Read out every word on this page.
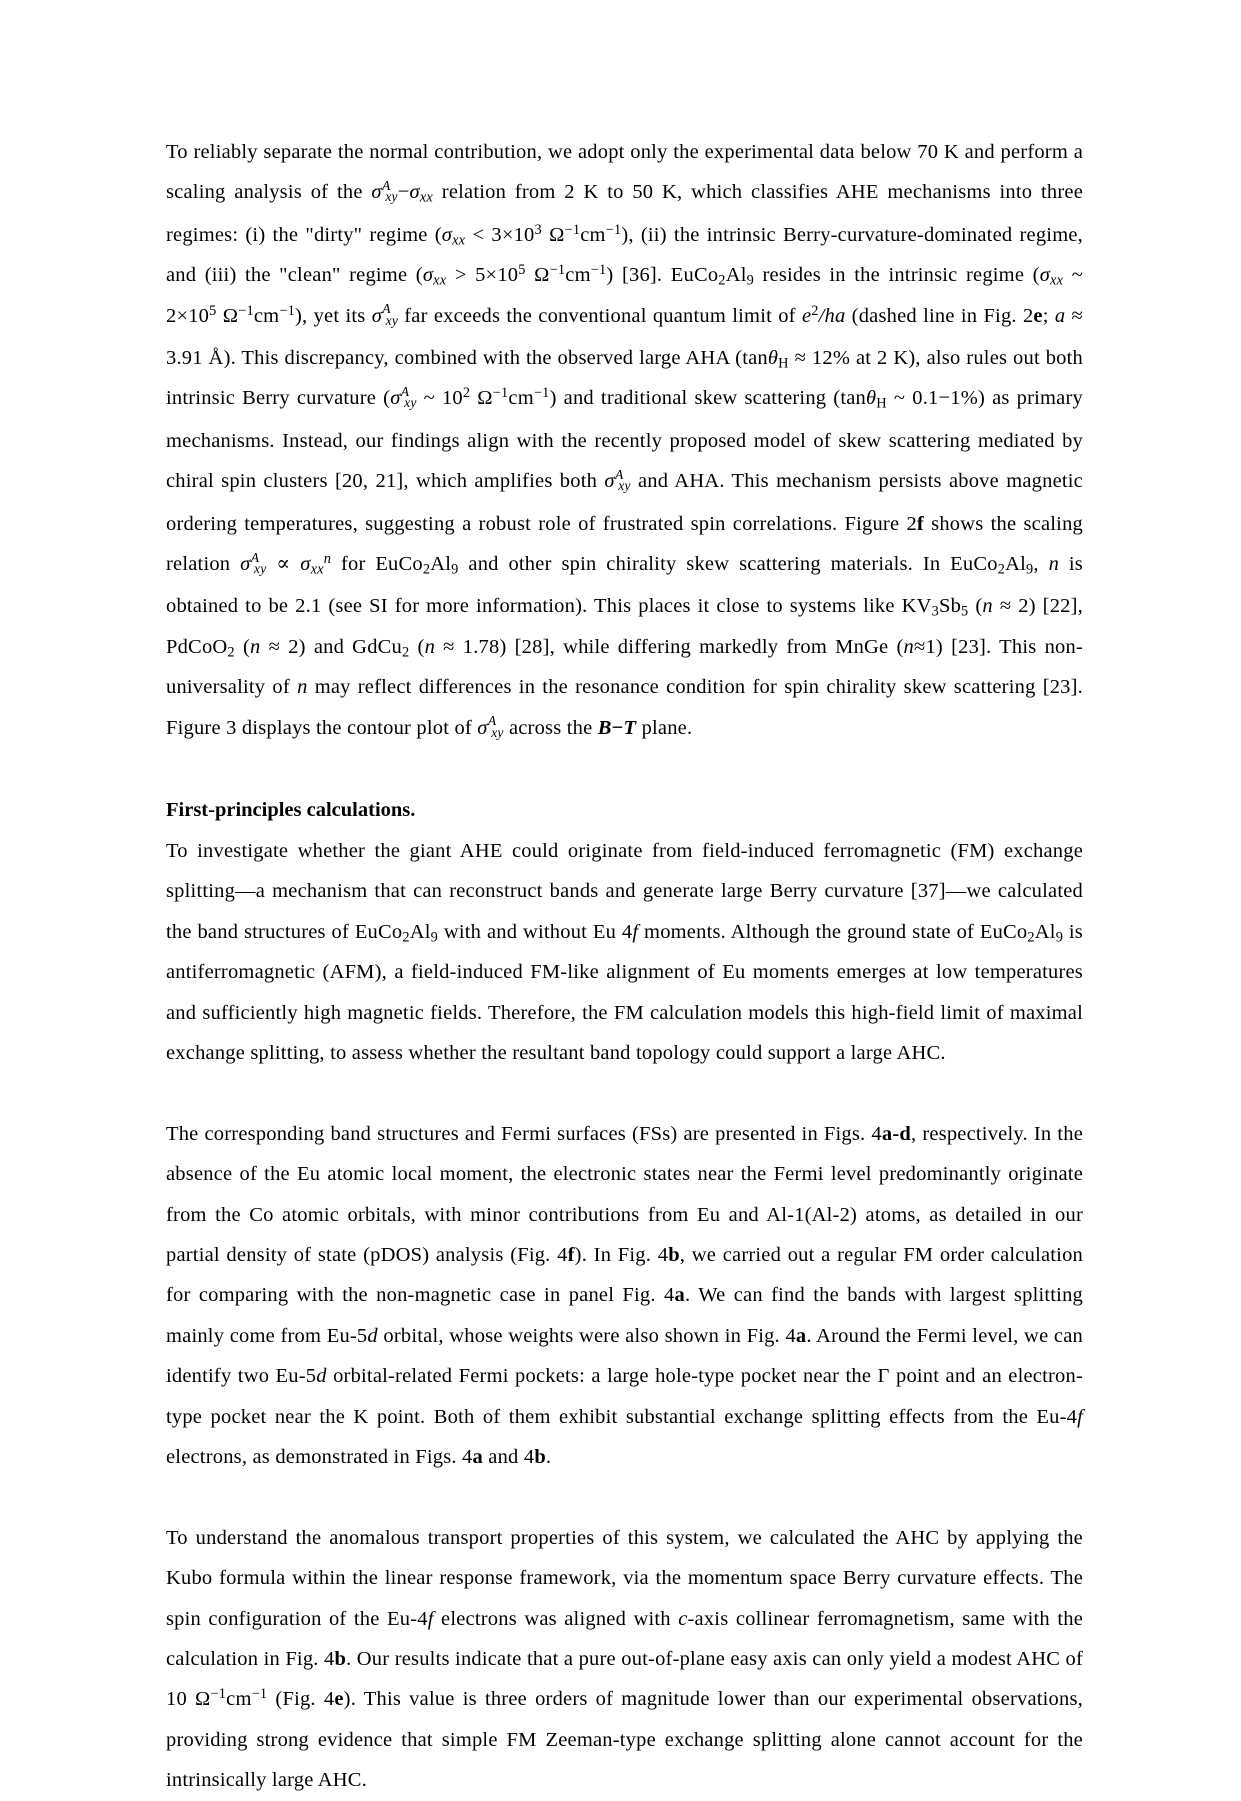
To reliably separate the normal contribution, we adopt only the experimental data below 70 K and perform a scaling analysis of the $\sigma^Axy-\sigma_{xx}$ relation from 2 K to 50 K, which classifies AHE mechanisms into three regimes: (i) the "dirty" regime ($\sigma_{xx} < 3\times 10^3$ $\Omega^{-1}cm^{-1}$), (ii) the intrinsic Berry-curvature-dominated regime, and (iii) the "clean" regime ($\sigma_{xx} > 5\times 10^5$ $\Omega^{-1}cm^{-1}$) [36]. $EuCo_2Al_9$ resides in the intrinsic regime ($\sigma_{xx}$ ~ $2\times 10^5$ $\Omega^{-1}cm^{-1}$), yet its $\sigma^Axy$ far exceeds the conventional quantum limit of $e^2/ha$ (dashed line in Fig. 2e; a ≈ 3.91 Å). This discrepancy, combined with the observed large AHA (tanθ$_H$ ≈ 12% at 2 K), also rules out both intrinsic Berry curvature ($\sigma^Axy$ ~ $10^2$ $\Omega^{-1}cm^{-1}$) and traditional skew scattering (tanθ$_H$ ~ 0.1−1%) as primary mechanisms. Instead, our findings align with the recently proposed model of skew scattering mediated by chiral spin clusters [20, 21], which amplifies both $\sigma^Axy$ and AHA. This mechanism persists above magnetic ordering temperatures, suggesting a robust role of frustrated spin correlations. Figure 2f shows the scaling relation $\sigma^Axy \propto \sigma_{xx}^n$ for $EuCo_2Al_9$ and other spin chirality skew scattering materials. In $EuCo_2Al_9$, n is obtained to be 2.1 (see SI for more information). This places it close to systems like $KV_3Sb_5$ (n ≈ 2) [22], PdCoO$_2$ (n ≈ 2) and GdCu$_2$ (n ≈ 1.78) [28], while differing markedly from MnGe (n≈1) [23]. This non-universality of n may reflect differences in the resonance condition for spin chirality skew scattering [23]. Figure 3 displays the contour plot of $\sigma^Axy$ across the B−T plane.

First-principles calculations.

To investigate whether the giant AHE could originate from field-induced ferromagnetic (FM) exchange splitting—a mechanism that can reconstruct bands and generate large Berry curvature [37]—we calculated the band structures of $EuCo_2Al_9$ with and without Eu 4f moments. Although the ground state of $EuCo_2Al_9$ is antiferromagnetic (AFM), a field-induced FM-like alignment of Eu moments emerges at low temperatures and sufficiently high magnetic fields. Therefore, the FM calculation models this high-field limit of maximal exchange splitting, to assess whether the resultant band topology could support a large AHC.

The corresponding band structures and Fermi surfaces (FSs) are presented in Figs. 4a-d, respectively. In the absence of the Eu atomic local moment, the electronic states near the Fermi level predominantly originate from the Co atomic orbitals, with minor contributions from Eu and Al-1(Al-2) atoms, as detailed in our partial density of state (pDOS) analysis (Fig. 4f). In Fig. 4b, we carried out a regular FM order calculation for comparing with the non-magnetic case in panel Fig. 4a. We can find the bands with largest splitting mainly come from Eu-5d orbital, whose weights were also shown in Fig. 4a. Around the Fermi level, we can identify two Eu-5d orbital-related Fermi pockets: a large hole-type pocket near the Γ point and an electron-type pocket near the K point. Both of them exhibit substantial exchange splitting effects from the Eu-4f electrons, as demonstrated in Figs. 4a and 4b.

To understand the anomalous transport properties of this system, we calculated the AHC by applying the Kubo formula within the linear response framework, via the momentum space Berry curvature effects. The spin configuration of the Eu-4f electrons was aligned with c-axis collinear ferromagnetism, same with the calculation in Fig. 4b. Our results indicate that a pure out-of-plane easy axis can only yield a modest AHC of 10 $\Omega^{-1}cm^{-1}$ (Fig. 4e). This value is three orders of magnitude lower than our experimental observations, providing strong evidence that simple FM Zeeman-type exchange splitting alone cannot account for the intrinsically large AHC.
